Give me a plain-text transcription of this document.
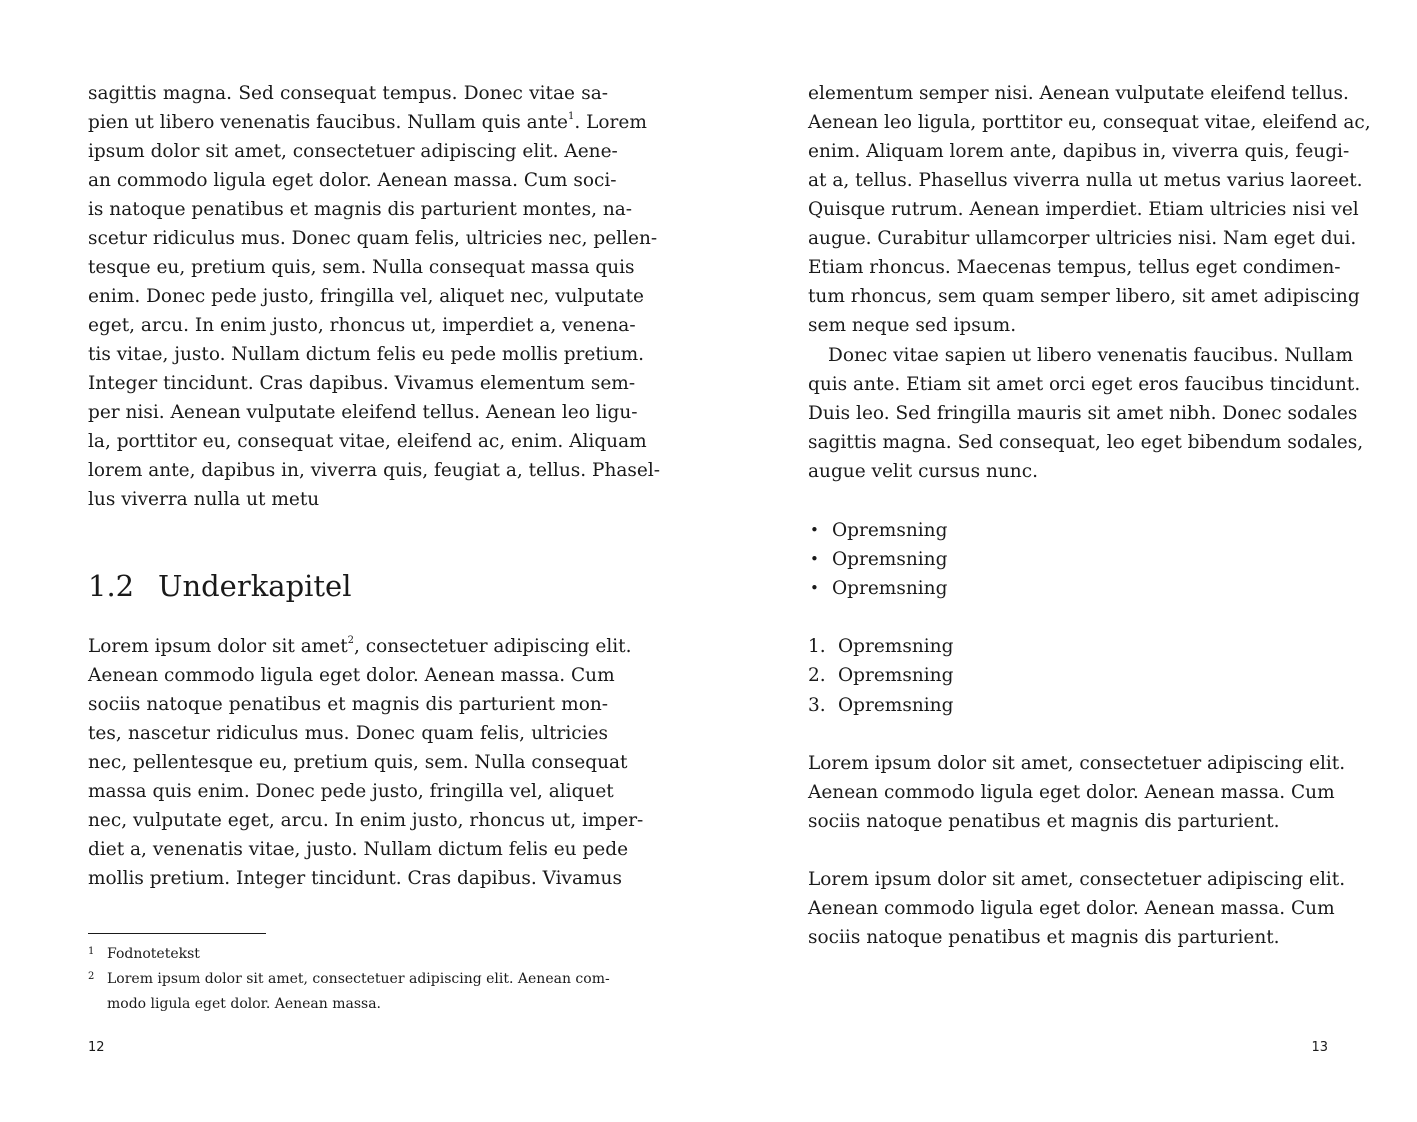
sagittis magna. Sed consequat tempus. Donec vitae sa-
pien ut libero venenatis faucibus. Nullam quis ante$^1$. Lorem
ipsum dolor sit amet, consectetuer adipiscing elit. Aene-
an commodo ligula eget dolor. Aenean massa. Cum soci-
is natoque penatibus et magnis dis parturient montes, na-
scetur ridiculus mus. Donec quam felis, ultricies nec, pellen-
tesque eu, pretium quis, sem. Nulla consequat massa quis
enim. Donec pede justo, fringilla vel, aliquet nec, vulputate
eget, arcu. In enim justo, rhoncus ut, imperdiet a, venena-
tis vitae, justo. Nullam dictum felis eu pede mollis pretium.
Integer tincidunt. Cras dapibus. Vivamus elementum sem-
per nisi. Aenean vulputate eleifend tellus. Aenean leo ligu-
la, porttitor eu, consequat vitae, eleifend ac, enim. Aliquam
lorem ante, dapibus in, viverra quis, feugiat a, tellus. Phasel-
lus viverra nulla ut metu
1.2 Underkapitel
Lorem ipsum dolor sit amet$^2$, consectetuer adipiscing elit.
Aenean commodo ligula eget dolor. Aenean massa. Cum
sociis natoque penatibus et magnis dis parturient mon-
tes, nascetur ridiculus mus. Donec quam felis, ultricies
nec, pellentesque eu, pretium quis, sem. Nulla consequat
massa quis enim. Donec pede justo, fringilla vel, aliquet
nec, vulputate eget, arcu. In enim justo, rhoncus ut, imper-
diet a, venenatis vitae, justo. Nullam dictum felis eu pede
mollis pretium. Integer tincidunt. Cras dapibus. Vivamus
1 Fodnotetekst
2 Lorem ipsum dolor sit amet, consectetuer adipiscing elit. Aenean com-
modo ligula eget dolor. Aenean massa.
12
elementum semper nisi. Aenean vulputate eleifend tellus.
Aenean leo ligula, porttitor eu, consequat vitae, eleifend ac,
enim. Aliquam lorem ante, dapibus in, viverra quis, feugi-
at a, tellus. Phasellus viverra nulla ut metus varius laoreet.
Quisque rutrum. Aenean imperdiet. Etiam ultricies nisi vel
augue. Curabitur ullamcorper ultricies nisi. Nam eget dui.
Etiam rhoncus. Maecenas tempus, tellus eget condimen-
tum rhoncus, sem quam semper libero, sit amet adipiscing
sem neque sed ipsum.
Donec vitae sapien ut libero venenatis faucibus. Nullam
quis ante. Etiam sit amet orci eget eros faucibus tincidunt.
Duis leo. Sed fringilla mauris sit amet nibh. Donec sodales
sagittis magna. Sed consequat, leo eget bibendum sodales,
augue velit cursus nunc.
• Opremsning
• Opremsning
• Opremsning
1. Opremsning
2. Opremsning
3. Opremsning
Lorem ipsum dolor sit amet, consectetuer adipiscing elit.
Aenean commodo ligula eget dolor. Aenean massa. Cum
sociis natoque penatibus et magnis dis parturient.
Lorem ipsum dolor sit amet, consectetuer adipiscing elit.
Aenean commodo ligula eget dolor. Aenean massa. Cum
sociis natoque penatibus et magnis dis parturient.
13
